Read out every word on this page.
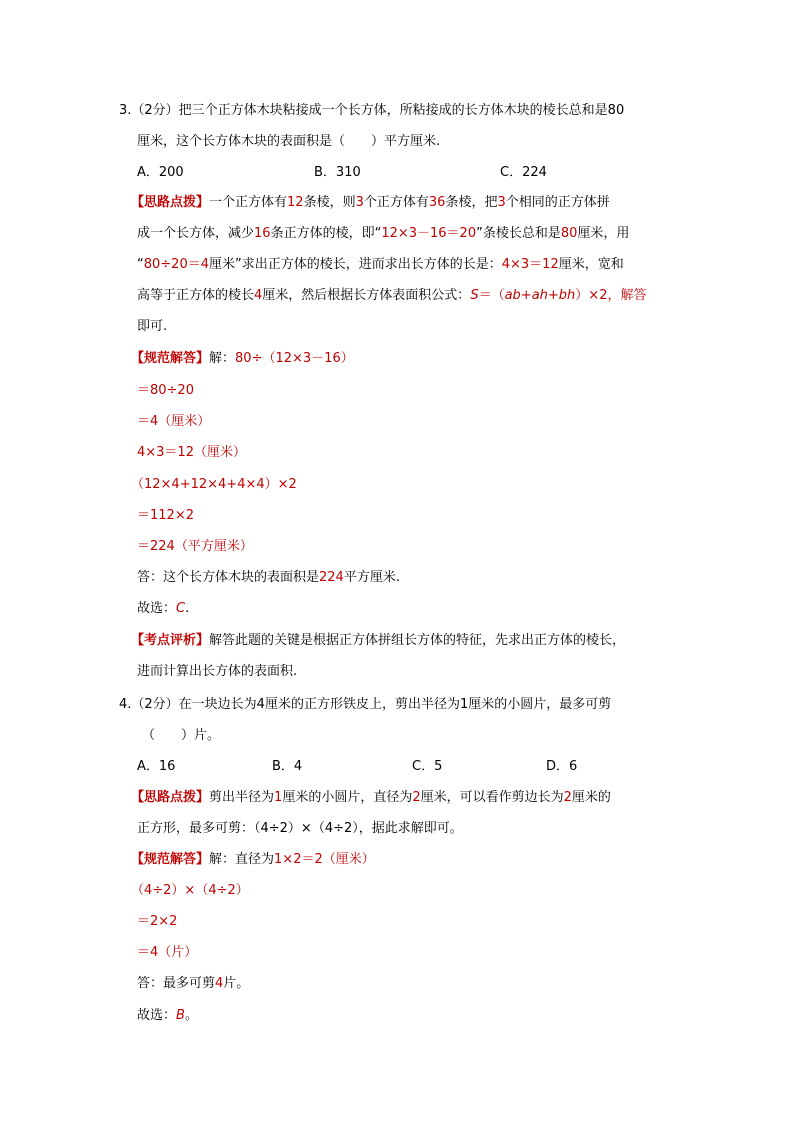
3.（2分）把三个正方体木块粘接成一个长方体，所粘接成的长方体木块的棱长总和是80
厘米，这个长方体木块的表面积是（　　）平方厘米.
A．200	B．310	C．224
【思路点拨】一个正方体有12条棱，则3个正方体有36条棱，把3个相同的正方体拼
成一个长方体，减少16条正方体的棱，即“12×3－16＝20”条棱长总和是80厘米，用
“80÷20＝4厘米”求出正方体的棱长，进而求出长方体的长是：4×3＝12厘米，宽和
高等于正方体的棱长4厘米，然后根据长方体表面积公式：S＝（ab+ah+bh）×2，解答
即可.
【规范解答】解：80÷（12×3－16）
＝80÷20
＝4（厘米）
4×3＝12（厘米）
（12×4+12×4+4×4）×2
＝112×2
＝224（平方厘米）
答：这个长方体木块的表面积是224平方厘米.
故选：C.
【考点评析】解答此题的关键是根据正方体拼组长方体的特征，先求出正方体的棱长，
进而计算出长方体的表面积.
4.（2分）在一块边长为4厘米的正方形铁皮上，剪出半径为1厘米的小圆片，最多可剪
（　　）片。
A．16	B．4	C．5	D．6
【思路点拨】剪出半径为1厘米的小圆片，直径为2厘米，可以看作剪边长为2厘米的
正方形，最多可剪：（4÷2）×（4÷2），据此求解即可。
【规范解答】解：直径为1×2＝2（厘米）
（4÷2）×（4÷2）
＝2×2
＝4（片）
答：最多可剪4片。
故选：B。
